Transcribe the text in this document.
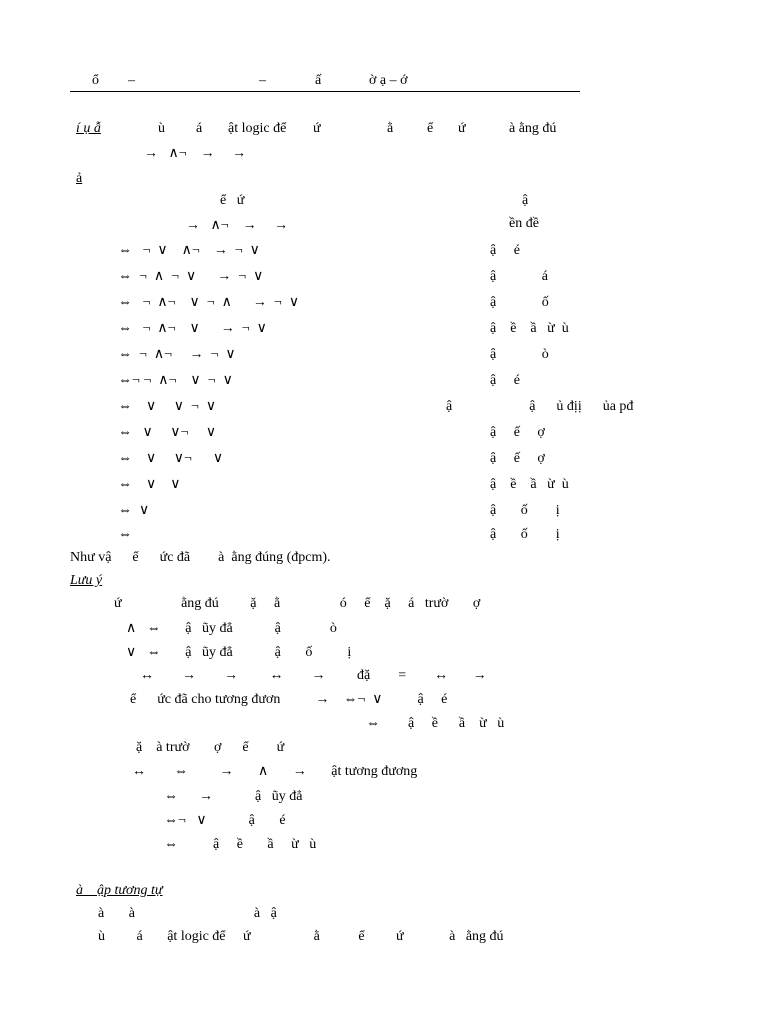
ổ –	–	ấ	ờ ạ – ớ
í ụ ẫ	ù á ật logic để ứ	ằ ể ứ	à ằng đú
→   ∧¬    →     →
ả
ể   ứ	ậ
→   ∧¬    →     →	ền đề
⇔   ¬  ∨    ∧¬    →  ¬  ∨	ậ     é
⇔  ¬  ∧  ¬  ∨      →  ¬  ∨	ậ             á
⇔   ¬  ∧¬    ∨  ¬  ∧      →  ¬  ∨	ậ             ố
⇔   ¬  ∧¬    ∨      →  ¬  ∨	ậ    ề    ầ   ừ  ù
⇔  ¬  ∧¬     →  ¬  ∨	ậ             ò
⇔¬ ¬  ∧¬    ∨  ¬  ∨	ậ     é
⇔    ∨     ∨  ¬  ∨	ậ                      ậ      ủ địị      ủa pđ
⇔   ∨     ∨¬     ∨	ậ     ế     ợ
⇔    ∨     ∨¬      ∨	ậ     ế     ợ
⇔    ∨    ∨	ậ    ề    ầ   ừ  ù
⇔  ∨	ậ       ố        ị
⇔	ậ       ố        ị
Như vậ      ể      ức đã        à  ằng đúng (đpcm).
Lưu ý
ứ                 ằng đú         ặ     ằ                 ó     ể    ặ     á   trườ       ợ
∧   ⇔       ậ   ũy đẳ            ậ              ò
∨   ⇔       ậ   ũy đẳ            ậ       ố          ị
↔        →        →         ↔        →         đặ        =        ↔       →
ể      ức đã cho tương đươn          →    ⇔¬  ∨          ậ     é
⇔        ậ     ề      ầ    ừ   ù
ặ    à trườ       ợ      ể        ứ
↔        ⇔         →       ∧       →       ật tương đương
⇔      →            ậ   ũy đẳ
⇔¬   ∨            ậ       é
⇔          ậ     ề       ầ     ừ   ù
à    ập tương tự
à       à                                  à   ậ
ù         á       ật logic để     ứ                  ằ           ể         ứ             à   ằng đú
